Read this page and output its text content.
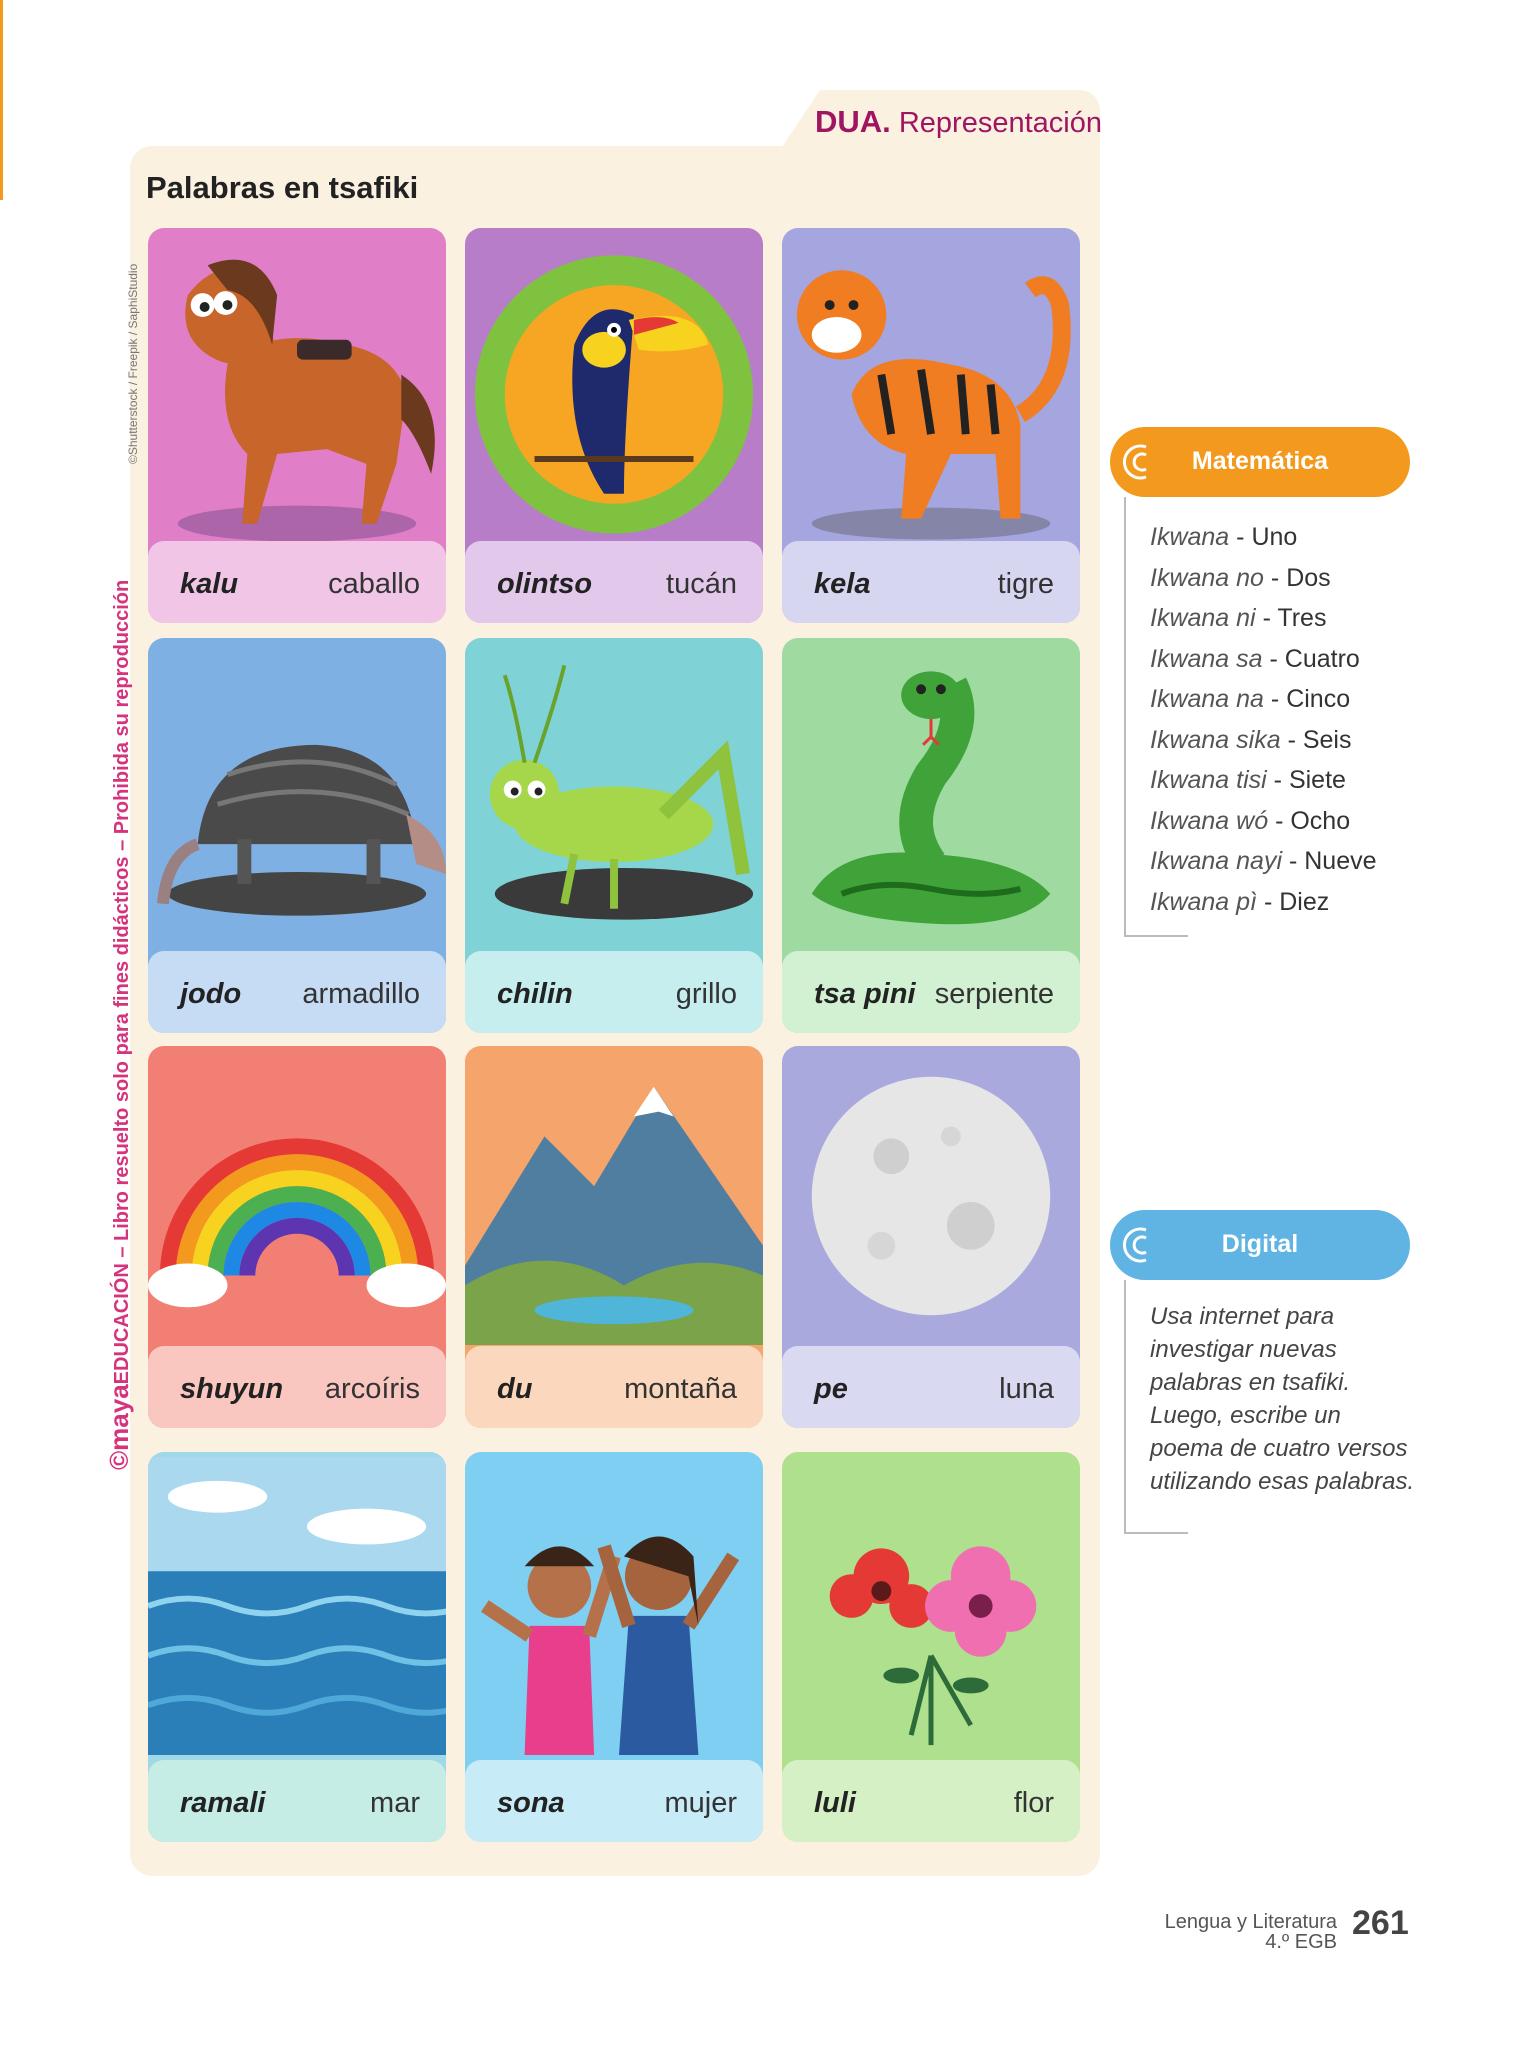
DUA. Representación
Palabras en tsafiki
©Shutterstock / Freepik / SaphiStudio
©mayaEDUCACIÓN – Libro resuelto solo para fines didácticos – Prohibida su reproducción kalu	caballo	olintso	tucán	kela	tigre
jodo armadillo	chilin	grillo	tsa pini serpiente
shuyun arcoíris	du	montaña	pe	luna
ramali	mar	sona	mujer	luli	flor
Matemática
Ikwana - Uno
Ikwana no - Dos
Ikwana ni - Tres
Ikwana sa - Cuatro
Ikwana na - Cinco
Ikwana sika - Seis
Ikwana tisi - Siete
Ikwana wó - Ocho
Ikwana nayi - Nueve
Ikwana pì - Diez
Digital
Usa internet para
investigar nuevas
palabras en tsafiki.
Luego, escribe un
poema de cuatro versos
utilizando esas palabras.
Lengua y Literatura
4.º EGB 261
